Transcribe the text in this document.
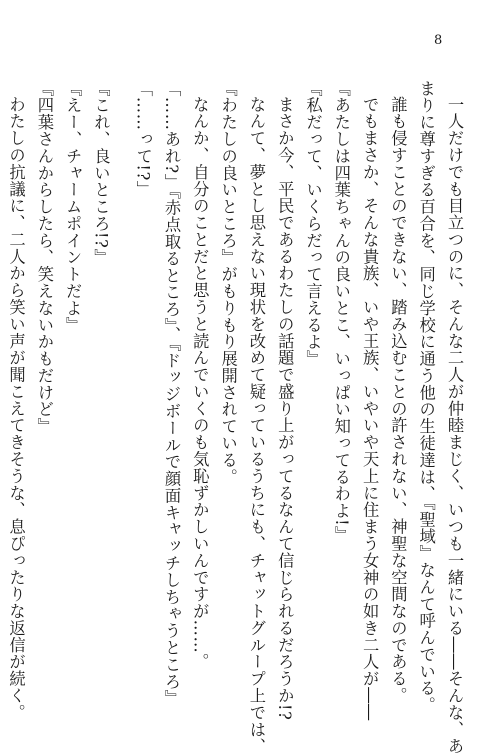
8
一人だけでも目立つのに、そんな二人が仲睦まじく、いつも一緒にいる――そんな、あ
まりに尊すぎる百合を、同じ学校に通う他の生徒達は、『聖域』なんて呼んでいる。
誰も侵すことのできない、踏み込むことの許されない、神聖な空間なのである。
でもまさか、そんな貴族、いや王族、いやいや天上に住まう女神の如き二人が――
『あたしは四葉ちゃんの良いとこ、いっぱい知ってるわよ!』
『私だって、いくらだって言えるよ』
まさか今、平民であるわたしの話題で盛り上がってるなんて信じられるだろうか!?
なんて、夢とし思えない現状を改めて疑っているうちにも、チャットグループ上では、
『わたしの良いところ』がもりもり展開されている。
なんか、自分のことだと思うと読んでいくのも気恥ずかしいんですが……。
「……あれ?」『赤点取るところ』、『ドッジボールで顔面キャッチしちゃうところ』
「……って!?」
『これ、良いところ!?』
『えー、チャームポイントだよ』
『四葉さんからしたら、笑えないかもだけど』
わたしの抗議に、二人から笑い声が聞こえてきそうな、息ぴったりな返信が続く。
